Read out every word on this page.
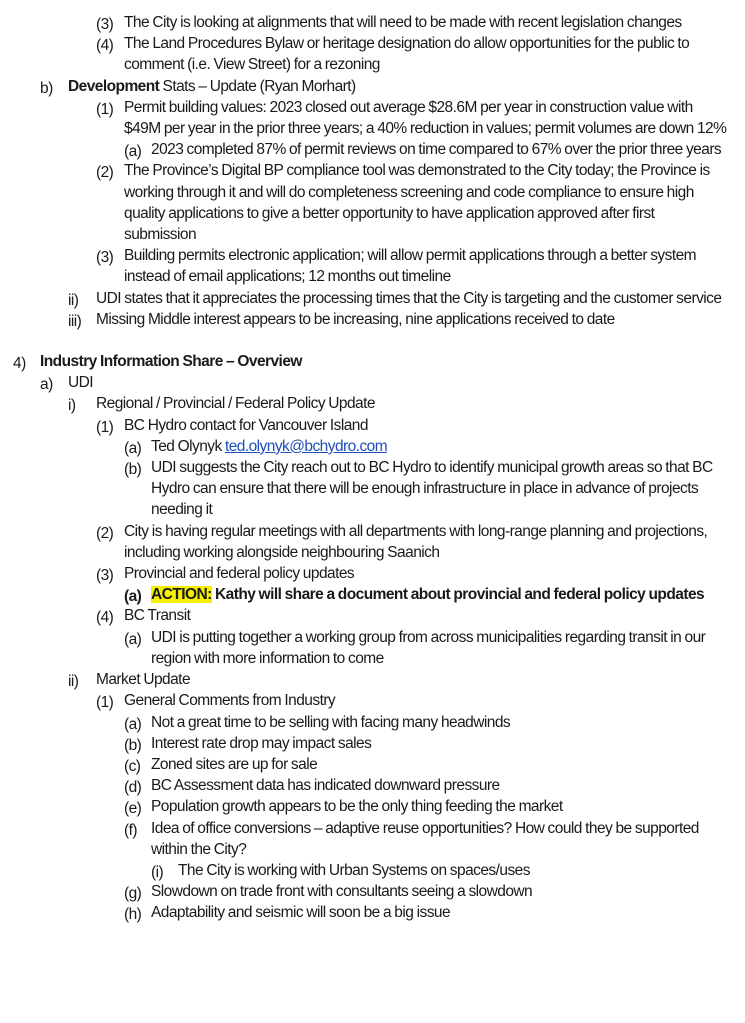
(3) The City is looking at alignments that will need to be made with recent legislation changes
(4) The Land Procedures Bylaw or heritage designation do allow opportunities for the public to comment (i.e. View Street) for a rezoning
b) Development Stats – Update (Ryan Morhart)
(1) Permit building values: 2023 closed out average $28.6M per year in construction value with $49M per year in the prior three years; a 40% reduction in values; permit volumes are down 12%
(a) 2023 completed 87% of permit reviews on time compared to 67% over the prior three years
(2) The Province’s Digital BP compliance tool was demonstrated to the City today; the Province is working through it and will do completeness screening and code compliance to ensure high quality applications to give a better opportunity to have application approved after first submission
(3) Building permits electronic application; will allow permit applications through a better system instead of email applications; 12 months out timeline
ii) UDI states that it appreciates the processing times that the City is targeting and the customer service
iii) Missing Middle interest appears to be increasing, nine applications received to date
4) Industry Information Share – Overview
a) UDI
i) Regional / Provincial / Federal Policy Update
(1) BC Hydro contact for Vancouver Island
(a) Ted Olynyk ted.olynyk@bchydro.com
(b) UDI suggests the City reach out to BC Hydro to identify municipal growth areas so that BC Hydro can ensure that there will be enough infrastructure in place in advance of projects needing it
(2) City is having regular meetings with all departments with long-range planning and projections, including working alongside neighbouring Saanich
(3) Provincial and federal policy updates
(a) ACTION: Kathy will share a document about provincial and federal policy updates
(4) BC Transit
(a) UDI is putting together a working group from across municipalities regarding transit in our region with more information to come
ii) Market Update
(1) General Comments from Industry
(a) Not a great time to be selling with facing many headwinds
(b) Interest rate drop may impact sales
(c) Zoned sites are up for sale
(d) BC Assessment data has indicated downward pressure
(e) Population growth appears to be the only thing feeding the market
(f) Idea of office conversions – adaptive reuse opportunities? How could they be supported within the City?
(i) The City is working with Urban Systems on spaces/uses
(g) Slowdown on trade front with consultants seeing a slowdown
(h) Adaptability and seismic will soon be a big issue
